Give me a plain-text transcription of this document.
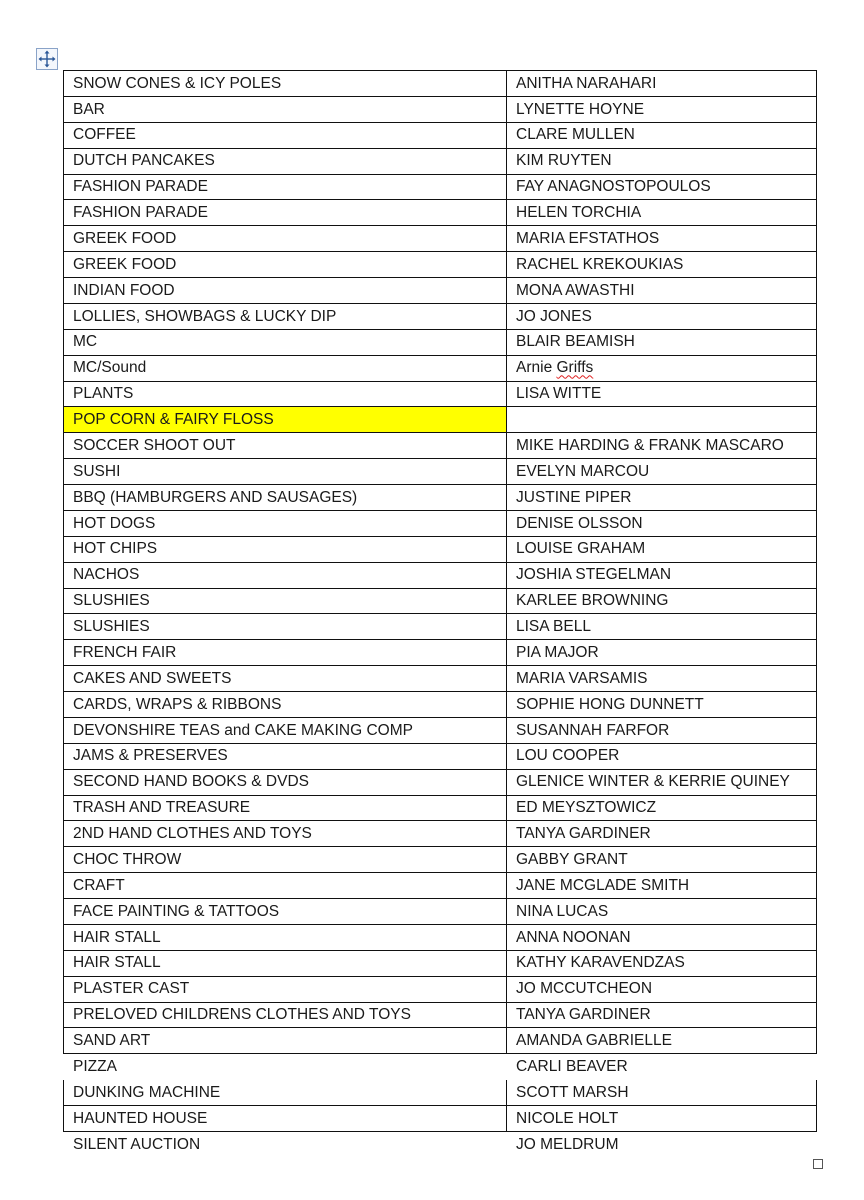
SNOW CONES & ICY POLES	ANITHA NARAHARI
BAR	LYNETTE HOYNE
COFFEE	CLARE MULLEN
DUTCH PANCAKES	KIM RUYTEN
FASHION PARADE	FAY ANAGNOSTOPOULOS
FASHION PARADE	HELEN TORCHIA
GREEK FOOD	MARIA EFSTATHOS
GREEK FOOD	RACHEL KREKOUKIAS
INDIAN FOOD	MONA AWASTHI
LOLLIES, SHOWBAGS & LUCKY DIP	JO JONES
MC	BLAIR BEAMISH
MC/Sound	Arnie Griffs
PLANTS	LISA WITTE
POP CORN & FAIRY FLOSS	
SOCCER SHOOT OUT	MIKE HARDING & FRANK MASCARO
SUSHI	EVELYN MARCOU
BBQ (HAMBURGERS AND SAUSAGES)	JUSTINE PIPER
HOT DOGS	DENISE OLSSON
HOT CHIPS	LOUISE GRAHAM
NACHOS	JOSHIA STEGELMAN
SLUSHIES	KARLEE BROWNING
SLUSHIES	LISA BELL
FRENCH FAIR	PIA MAJOR
CAKES AND SWEETS	MARIA VARSAMIS
CARDS, WRAPS & RIBBONS	SOPHIE HONG DUNNETT
DEVONSHIRE TEAS and CAKE MAKING COMP	SUSANNAH FARFOR
JAMS & PRESERVES	LOU COOPER
SECOND HAND BOOKS & DVDS	GLENICE WINTER & KERRIE QUINEY
TRASH AND TREASURE	ED MEYSZTOWICZ
2ND HAND CLOTHES AND TOYS	TANYA GARDINER
CHOC THROW	GABBY GRANT
CRAFT	JANE MCGLADE SMITH
FACE PAINTING & TATTOOS	NINA LUCAS
HAIR STALL	ANNA NOONAN
HAIR STALL	KATHY KARAVENDZAS
PLASTER CAST	JO MCCUTCHEON
PRELOVED CHILDRENS CLOTHES AND TOYS	TANYA GARDINER
SAND ART	AMANDA GABRIELLE
PIZZA	CARLI BEAVER
DUNKING MACHINE	SCOTT MARSH
HAUNTED HOUSE	NICOLE HOLT
SILENT AUCTION	JO MELDRUM
